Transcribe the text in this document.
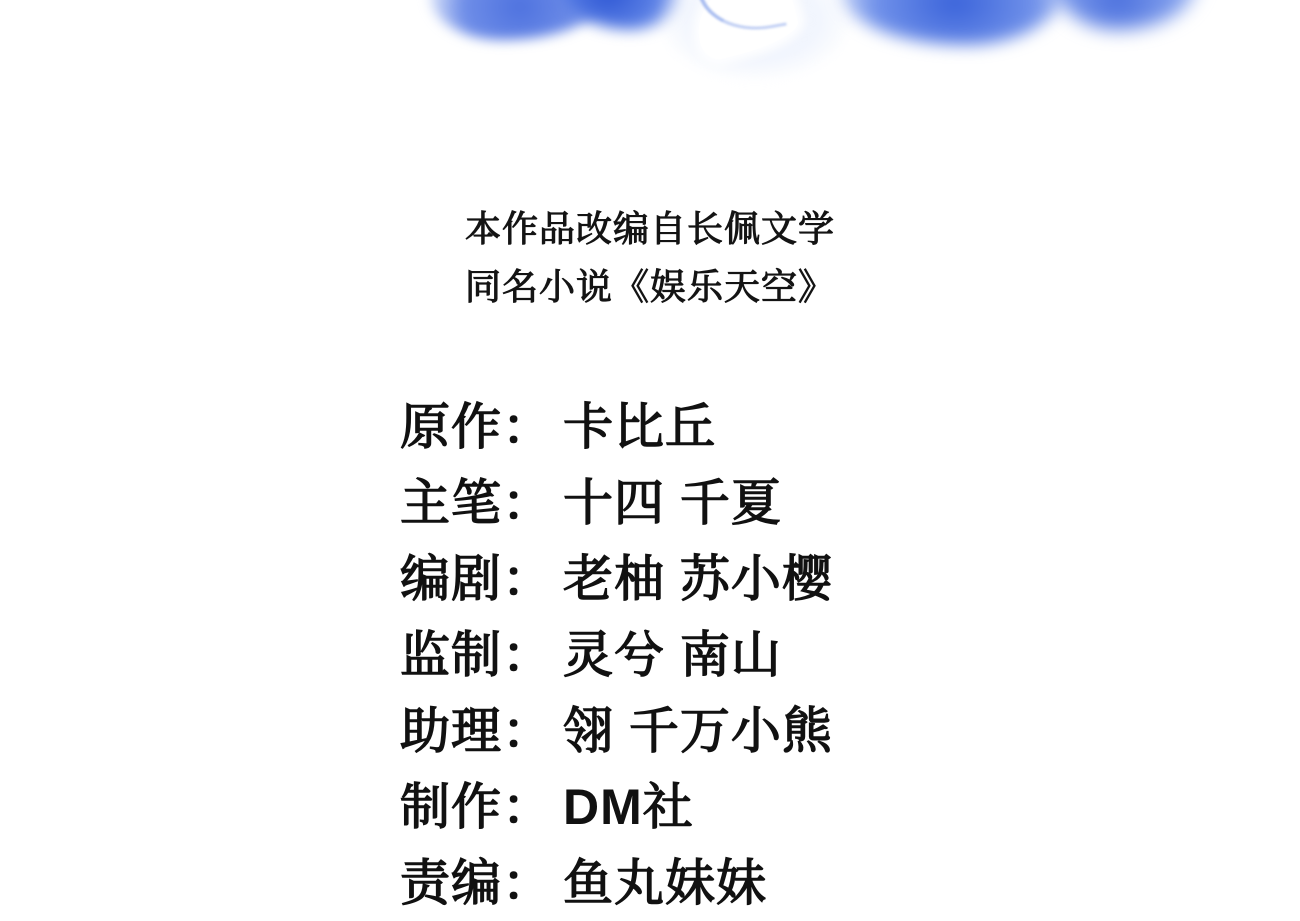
本作品改编自长佩文学
同名小说《娱乐天空》
原作 ： 卡比丘
主笔 ： 十四 千夏
编剧 ： 老柚 苏小樱
监制 ： 灵兮 南山
助理 ： 翎 千万小熊
制作 ： DM社
责编 ： 鱼丸妹妹
